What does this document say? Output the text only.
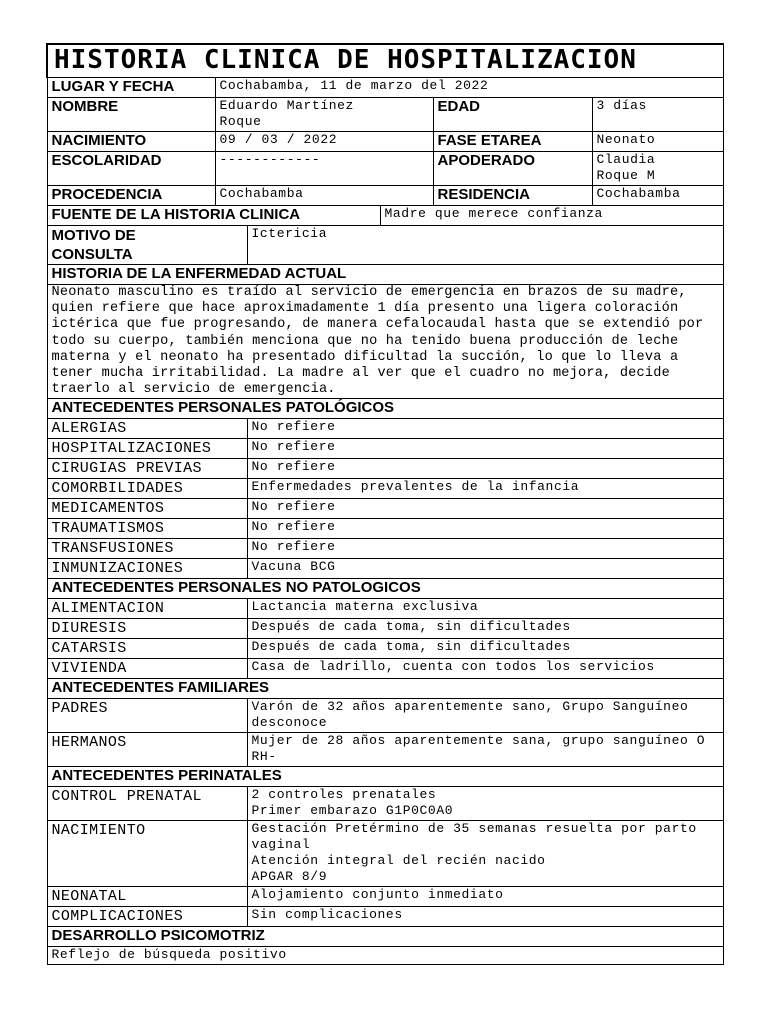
HISTORIA CLINICA DE HOSPITALIZACION					
LUGAR Y FECHA	Cochabamba, 11 de marzo del 2022				
NOMBRE	Eduardo Martínez Roque			EDAD	3 días
NACIMIENTO	09 / 03 / 2022			FASE ETAREA	Neonato
ESCOLARIDAD	------------			APODERADO	Claudia Roque M
PROCEDENCIA	Cochabamba			RESIDENCIA	Cochabamba
FUENTE DE LA HISTORIA CLINICA			Madre que merece confianza		
MOTIVO DE CONSULTA		Ictericia			
HISTORIA DE LA ENFERMEDAD ACTUAL					
Neonato masculino es traído al servicio de emergencia en brazos de su madre, quien refiere que hace aproximadamente 1 día presento una ligera coloración ictérica que fue progresando, de manera cefalocaudal hasta que se extendió por todo su cuerpo, también menciona que no ha tenido buena producción de leche materna y el neonato ha presentado dificultad la succión, lo que lo lleva a tener mucha irritabilidad. La madre al ver que el cuadro no mejora, decide traerlo al servicio de emergencia.					
ANTECEDENTES PERSONALES PATOLÓGICOS					
ALERGIAS		No refiere			
HOSPITALIZACIONES		No refiere			
CIRUGIAS PREVIAS		No refiere			
COMORBILIDADES		Enfermedades prevalentes de la infancia			
MEDICAMENTOS		No refiere			
TRAUMATISMOS		No refiere			
TRANSFUSIONES		No refiere			
INMUNIZACIONES		Vacuna BCG			
ANTECEDENTES PERSONALES NO PATOLOGICOS					
ALIMENTACION		Lactancia materna exclusiva			
DIURESIS		Después de cada toma, sin dificultades			
CATARSIS		Después de cada toma, sin dificultades			
VIVIENDA		Casa de ladrillo, cuenta con todos los servicios			
ANTECEDENTES FAMILIARES					
PADRES		Varón de 32 años aparentemente sano, Grupo Sanguíneo desconoce			
HERMANOS		Mujer de 28 años aparentemente sana, grupo sanguíneo O RH-			
ANTECEDENTES PERINATALES					
CONTROL PRENATAL		2 controles prenatales
Primer embarazo G1P0C0A0			

NACIMIENTO		Gestación Pretérmino de 35 semanas resuelta por parto vaginal
Atención integral del recién nacido
APGAR 8/9			

NEONATAL		Alojamiento conjunto inmediato			

COMPLICACIONES		Sin complicaciones			

DESARROLLO PSICOMOTRIZ					
Reflejo de búsqueda positivo					
